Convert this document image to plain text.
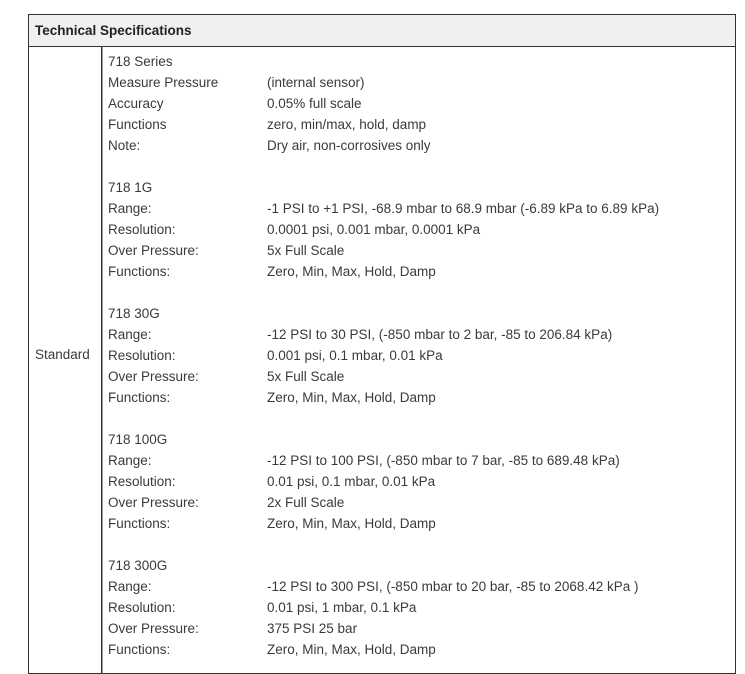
Technical Specifications
Standard
718 Series
Measure Pressure	(internal sensor)
Accuracy	0.05% full scale
Functions	zero, min/max, hold, damp
Note:	Dry air, non-corrosives only
718 1G
Range:	-1 PSI to +1 PSI, -68.9 mbar to 68.9 mbar (-6.89 kPa to 6.89 kPa)
Resolution:	0.0001 psi, 0.001 mbar, 0.0001 kPa
Over Pressure:	5x Full Scale
Functions:	Zero, Min, Max, Hold, Damp
718 30G
Range:	-12 PSI to 30 PSI, (-850 mbar to 2 bar, -85 to 206.84 kPa)
Resolution:	0.001 psi, 0.1 mbar, 0.01 kPa
Over Pressure:	5x Full Scale
Functions:	Zero, Min, Max, Hold, Damp
718 100G
Range:	-12 PSI to 100 PSI, (-850 mbar to 7 bar, -85 to 689.48 kPa)
Resolution:	0.01 psi, 0.1 mbar, 0.01 kPa
Over Pressure:	2x Full Scale
Functions:	Zero, Min, Max, Hold, Damp
718 300G
Range:	-12 PSI to 300 PSI, (-850 mbar to 20 bar, -85 to 2068.42 kPa )
Resolution:	0.01 psi, 1 mbar, 0.1 kPa
Over Pressure:	375 PSI 25 bar
Functions:	Zero, Min, Max, Hold, Damp
